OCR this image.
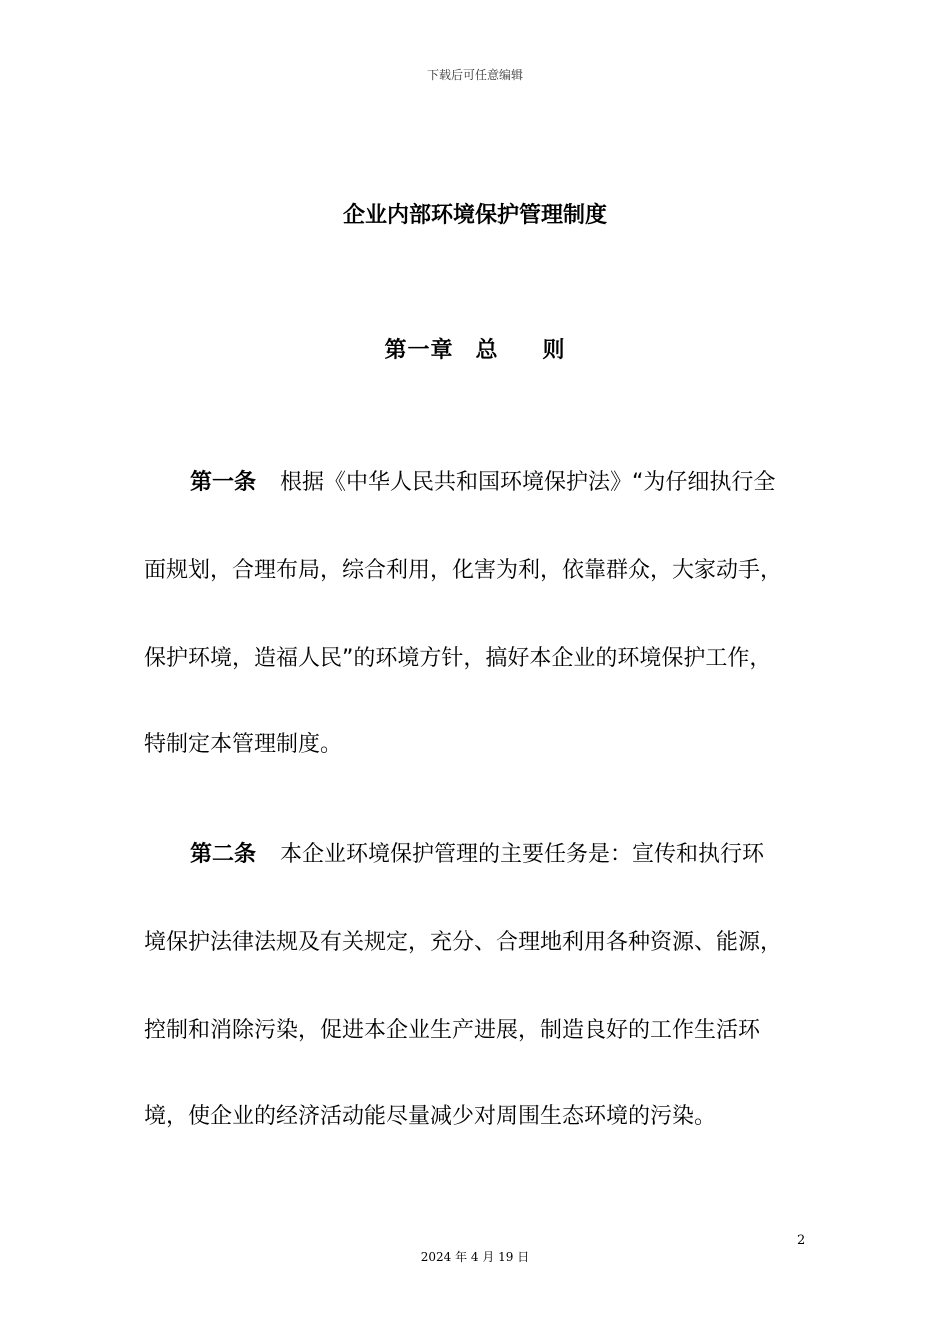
下载后可任意编辑
企业内部环境保护管理制度
第一章 总 则
第一条 根据《中华人民共和国环境保护法》“为仔细执行全
面规划，合理布局，综合利用，化害为利，依靠群众，大家动手，
保护环境，造福人民”的环境方针，搞好本企业的环境保护工作，
特制定本管理制度。
第二条 本企业环境保护管理的主要任务是：宣传和执行环
境保护法律法规及有关规定，充分、合理地利用各种资源、能源，
控制和消除污染，促进本企业生产进展，制造良好的工作生活环
境，使企业的经济活动能尽量减少对周围生态环境的污染。
2
2024 年 4 月 19 日
